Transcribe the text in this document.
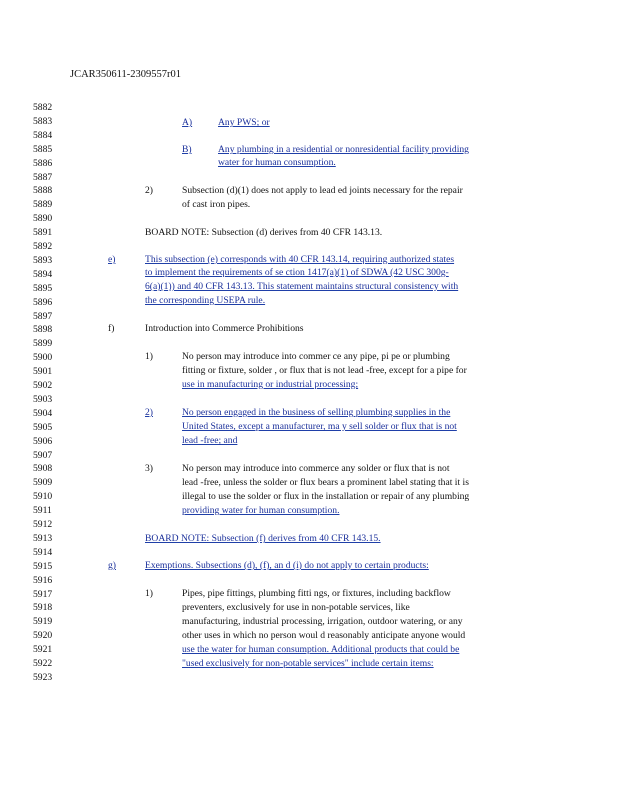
JCAR350611-2309557r01
5882
5883
5884
5885
5886
5887
5888
5889
5890
5891
5892
5893
5894
5895
5896
5897
5898
5899
5900
5901
5902
5903
5904
5905
5906
5907
5908
5909
5910
5911
5912
5913
5914
5915
5916
5917
5918
5919
5920
5921
5922
5923
A)	Any PWS; or
B)	Any plumbing in a residential or nonresidential facility providing
water for human consumption.
2)	Subsection (d)(1) does not apply to lead ed joints necessary for the repair
of cast iron pipes.
BOARD NOTE: Subsection (d) derives from 40 CFR 143.13.
e)	This subsection (e) corresponds with 40 CFR 143.14, requiring authorized states
to implement the requirements of se ction 1417(a)(1) of SDWA (42 USC 300g-
6(a)(1)) and 40 CFR 143.13. This statement maintains structural consistency with
the corresponding USEPA rule.
f)	Introduction into Commerce Prohibitions
1)	No person may introduce into commer ce any pipe, pi pe or plumbing
fitting or fixture, solder , or flux that is not lead -free, except for a pipe for
use in manufacturing or industrial processing;
2)	No person engaged in the business of selling plumbing supplies in the
United States, except a manufacturer, ma y sell solder or flux that is not
lead -free; and
3)	No person may introduce into commerce any solder or flux that is not
lead -free, unless the solder or flux bears a prominent label stating that it is
illegal to use the solder or flux in the installation or repair of any plumbing
providing water for human consumption.
BOARD NOTE: Subsection (f) derives from 40 CFR 143.15.
g)	Exemptions. Subsections (d), (f), an d (i) do not apply to certain products:
1)	Pipes, pipe fittings, plumbing fitti ngs, or fixtures, including backflow
preventers, exclusively for use in non-potable services, like
manufacturing, industrial processing, irrigation, outdoor watering, or any
other uses in which no person woul d reasonably anticipate anyone would
use the water for human consumption. Additional products that could be
"used exclusively for non-potable services" include certain items:
